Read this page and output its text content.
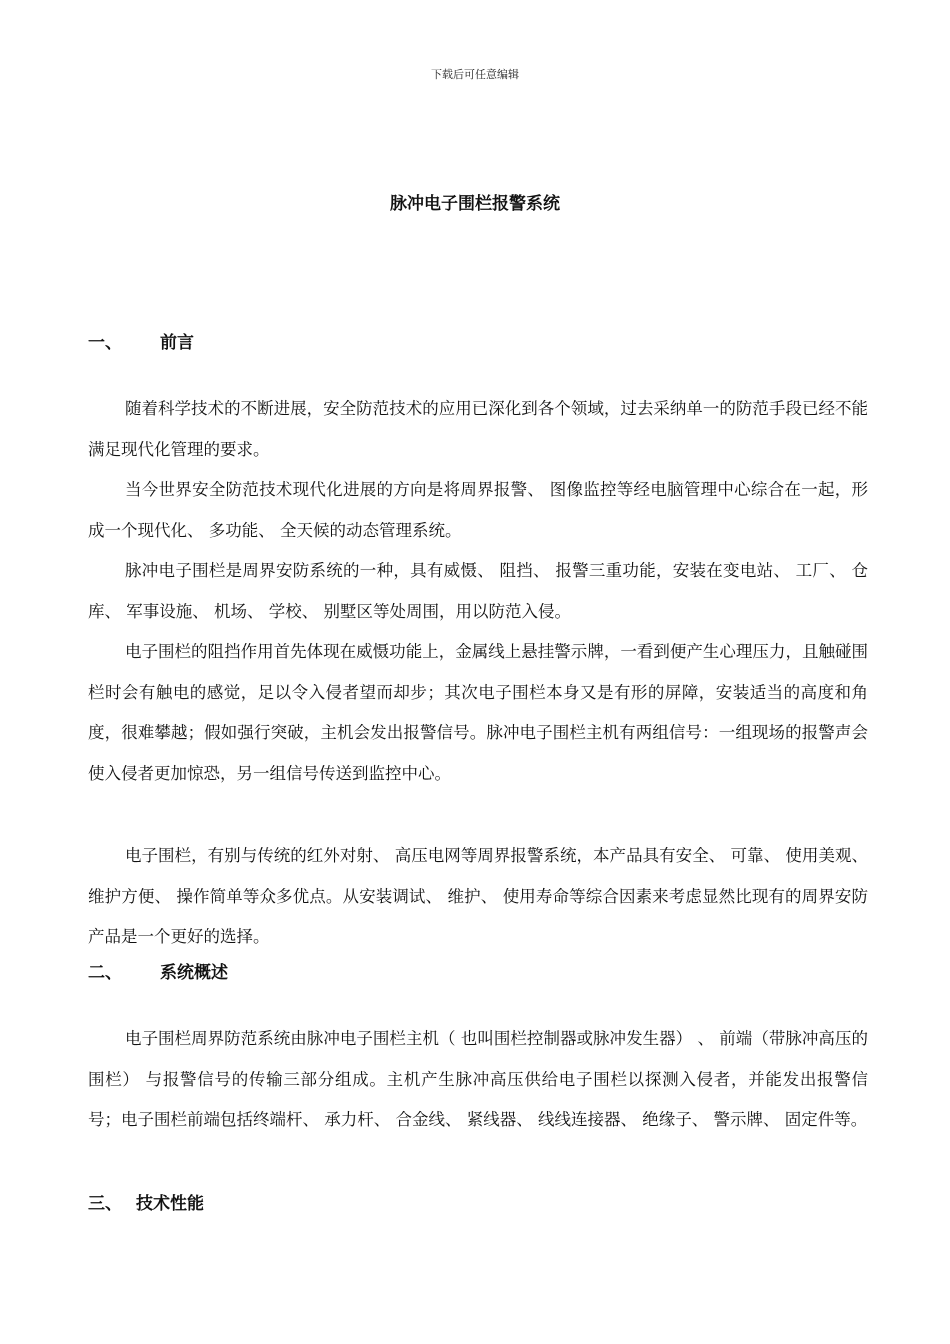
下载后可任意编辑
脉冲电子围栏报警系统
一、 前言

随着科学技术的不断进展，安全防范技术的应用已深化到各个领域，过去采纳单一的防范手段已经不能满足现代化管理的要求。

当今世界安全防范技术现代化进展的方向是将周界报警、 图像监控等经电脑管理中心综合在一起，形成一个现代化、 多功能、 全天候的动态管理系统。

脉冲电子围栏是周界安防系统的一种，具有威慑、 阻挡、 报警三重功能，安装在变电站、 工厂、 仓库、 军事设施、 机场、 学校、 别墅区等处周围，用以防范入侵。

电子围栏的阻挡作用首先体现在威慑功能上，金属线上悬挂警示牌，一看到便产生心理压力，且触碰围栏时会有触电的感觉，足以令入侵者望而却步；其次电子围栏本身又是有形的屏障，安装适当的高度和角度，很难攀越；假如强行突破，主机会发出报警信号。脉冲电子围栏主机有两组信号：一组现场的报警声会使入侵者更加惊恐，另一组信号传送到监控中心。

电子围栏，有别与传统的红外对射、 高压电网等周界报警系统，本产品具有安全、 可靠、 使用美观、 维护方便、 操作简单等众多优点。从安装调试、 维护、 使用寿命等综合因素来考虑显然比现有的周界安防产品是一个更好的选择。

二、 系统概述

电子围栏周界防范系统由脉冲电子围栏主机（ 也叫围栏控制器或脉冲发生器） 、 前端（带脉冲高压的围栏） 与报警信号的传输三部分组成。主机产生脉冲高压供给电子围栏以探测入侵者，并能发出报警信号；电子围栏前端包括终端杆、 承力杆、 合金线、 紧线器、 线线连接器、 绝缘子、 警示牌、 固定件等。

三、 技术性能
